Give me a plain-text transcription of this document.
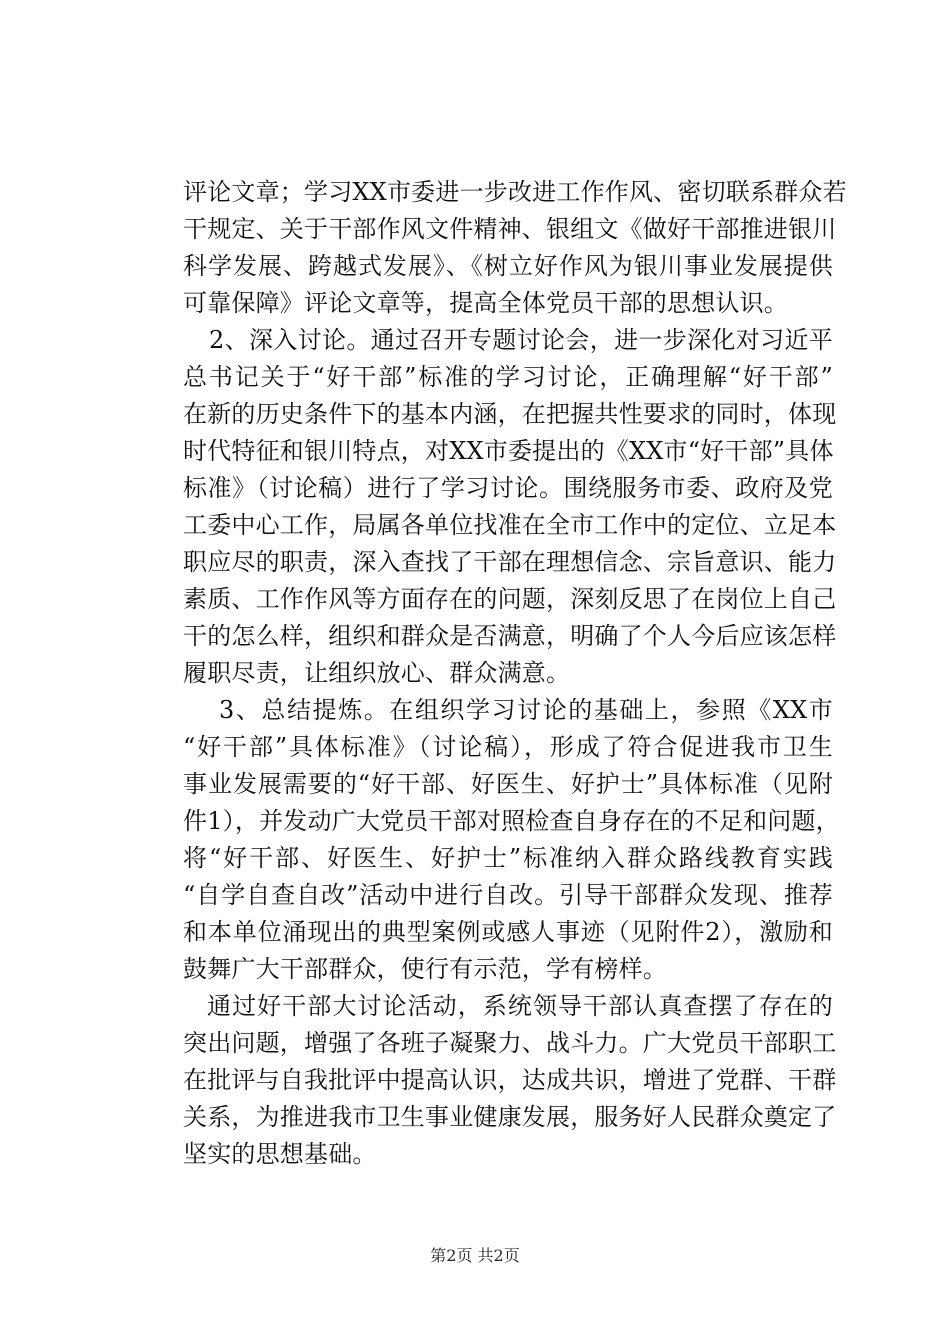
评论文章；学习XX市委进一步改进工作作风、密切联系群众若
干规定、关于干部作风文件精神、银组文《做好干部推进银川
科学发展、跨越式发展》、《树立好作风为银川事业发展提供
可靠保障》评论文章等，提高全体党员干部的思想认识。
2、深入讨论。通过召开专题讨论会，进一步深化对习近平
总书记关于“好干部”标准的学习讨论，正确理解“好干部”
在新的历史条件下的基本内涵，在把握共性要求的同时，体现
时代特征和银川特点，对XX市委提出的《XX市“好干部”具体
标准》（讨论稿）进行了学习讨论。围绕服务市委、政府及党
工委中心工作，局属各单位找准在全市工作中的定位、立足本
职应尽的职责，深入查找了干部在理想信念、宗旨意识、能力
素质、工作作风等方面存在的问题，深刻反思了在岗位上自己
干的怎么样，组织和群众是否满意，明确了个人今后应该怎样
履职尽责，让组织放心、群众满意。
3、总结提炼。在组织学习讨论的基础上，参照《XX市
“好干部”具体标准》（讨论稿），形成了符合促进我市卫生
事业发展需要的“好干部、好医生、好护士”具体标准（见附
件1），并发动广大党员干部对照检查自身存在的不足和问题，
将“好干部、好医生、好护士”标准纳入群众路线教育实践
“自学自查自改”活动中进行自改。引导干部群众发现、推荐
和本单位涌现出的典型案例或感人事迹（见附件2），激励和
鼓舞广大干部群众，使行有示范，学有榜样。
通过好干部大讨论活动，系统领导干部认真查摆了存在的
突出问题，增强了各班子凝聚力、战斗力。广大党员干部职工
在批评与自我批评中提高认识，达成共识，增进了党群、干群
关系，为推进我市卫生事业健康发展，服务好人民群众奠定了
坚实的思想基础。
第2页 共2页
